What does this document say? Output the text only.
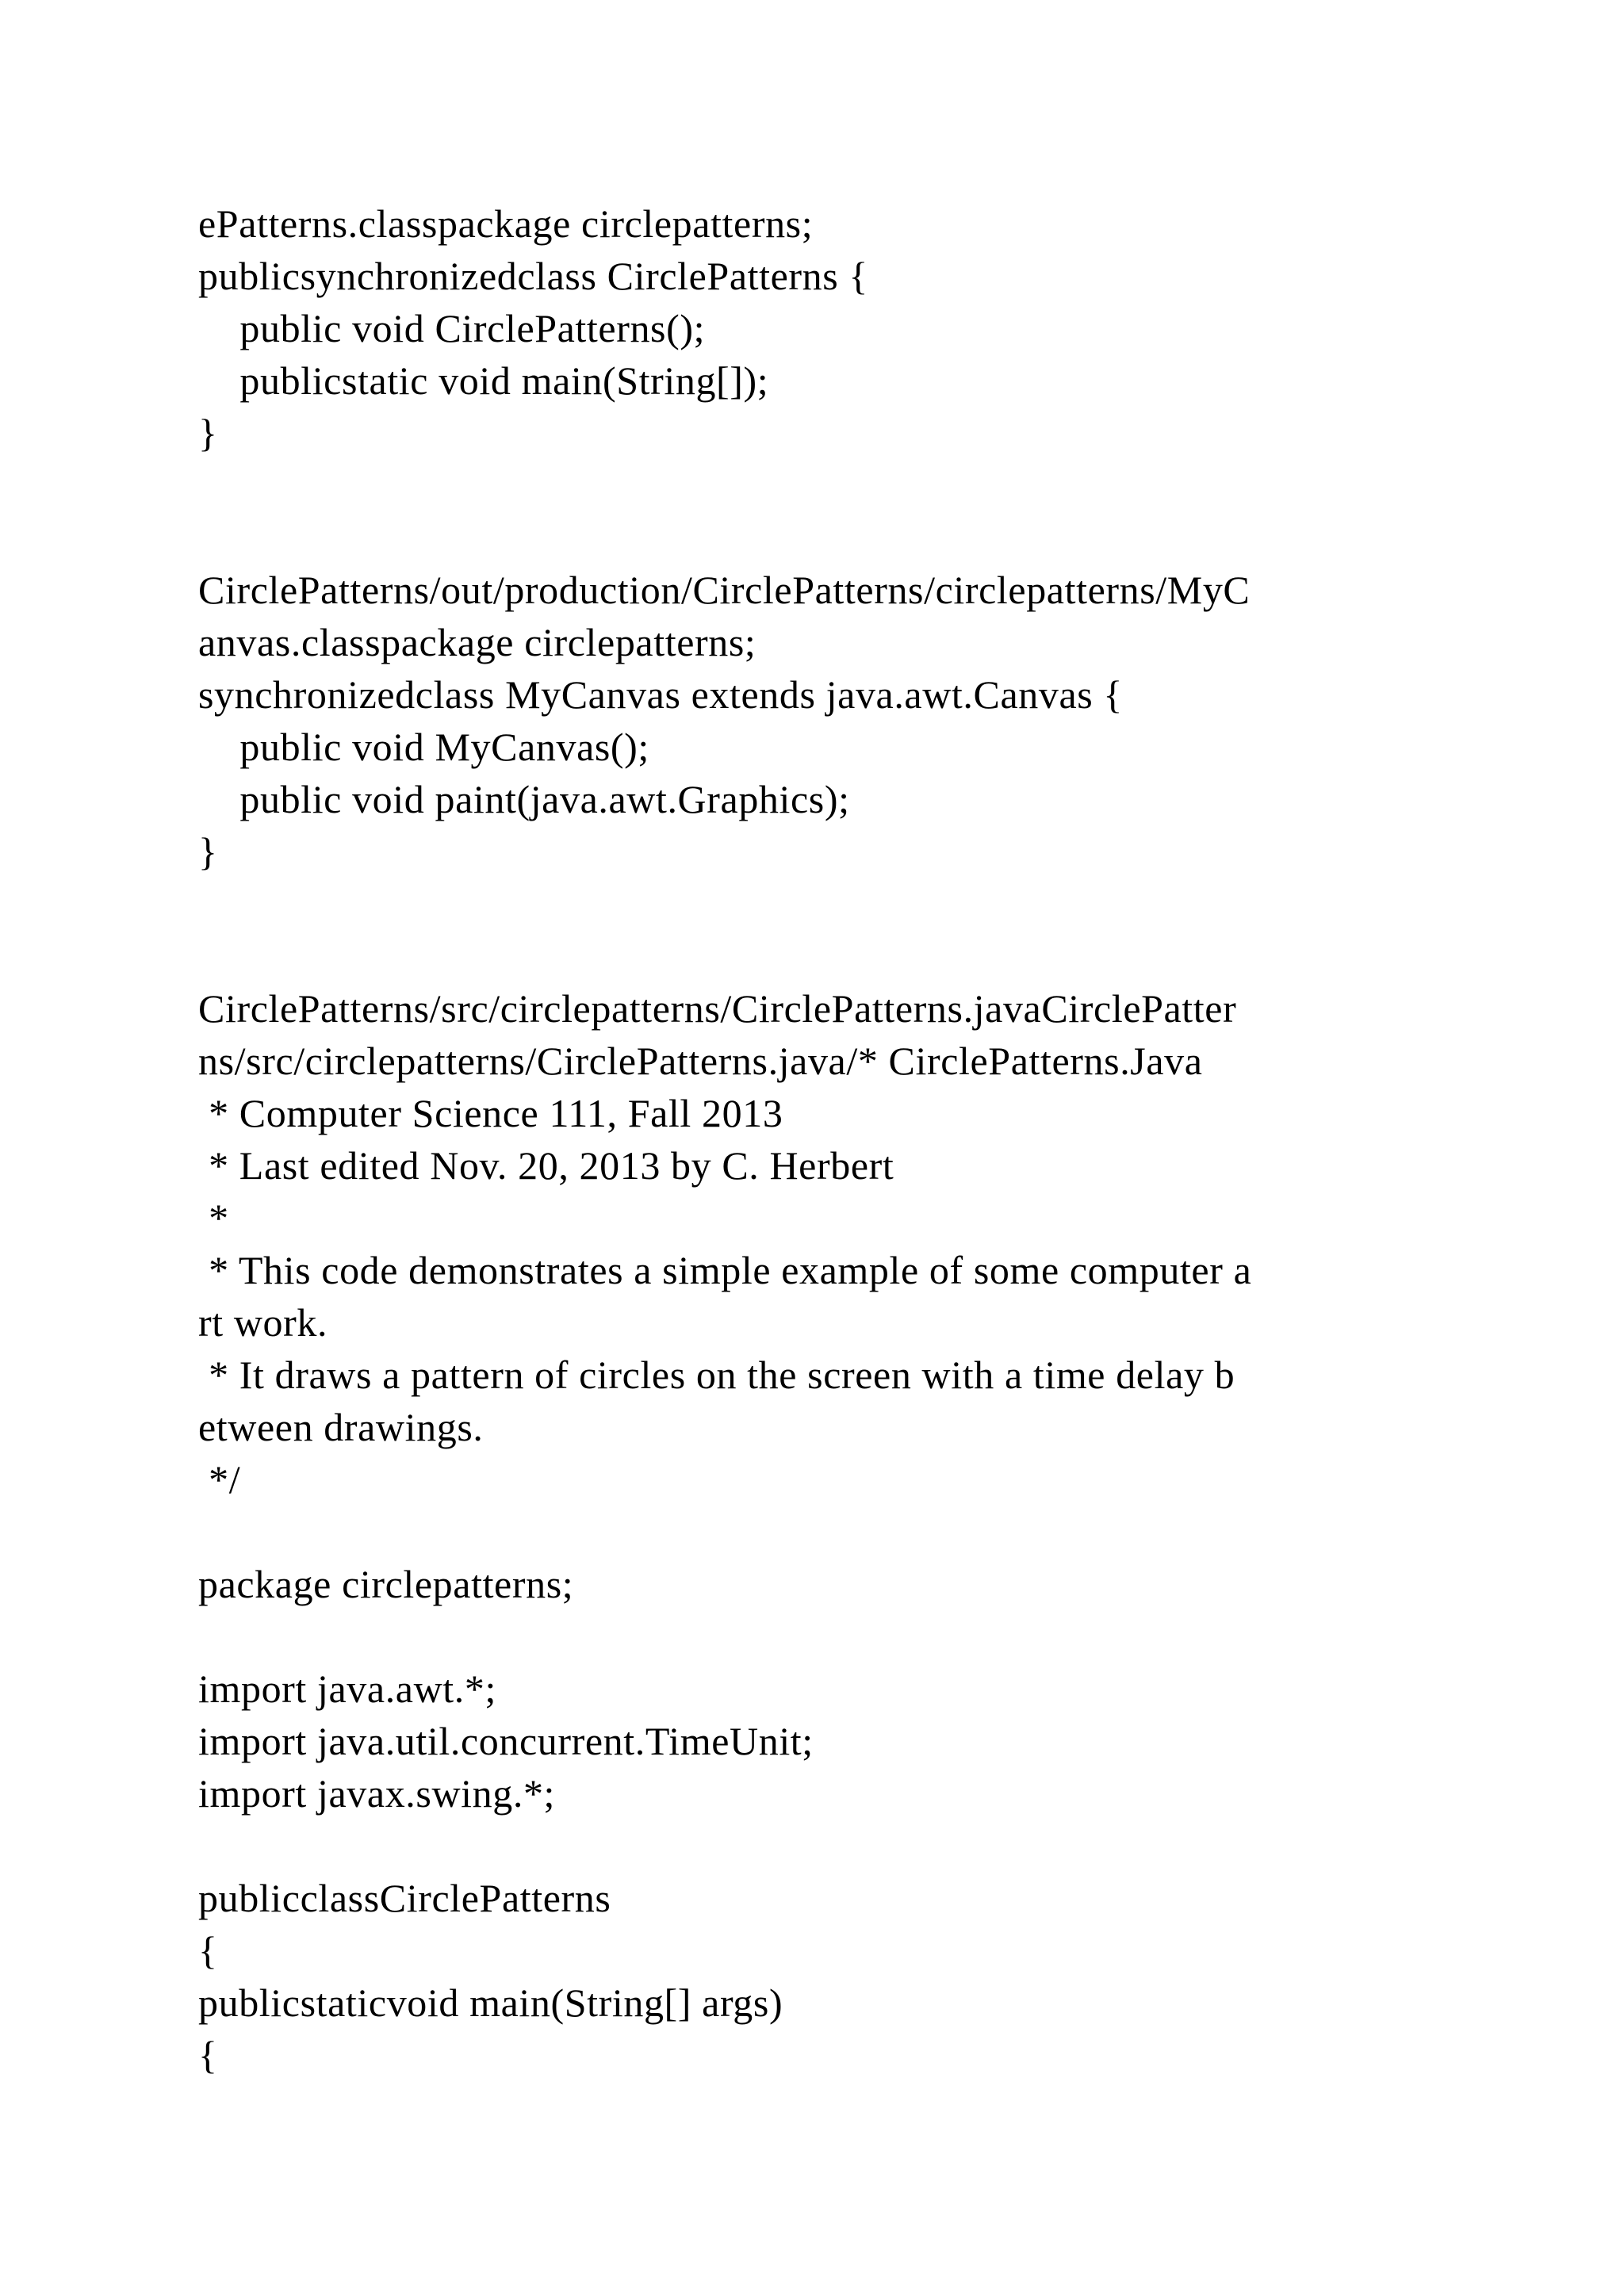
ePatterns.classpackage circlepatterns;

publicsynchronizedclass CirclePatterns {

public void CirclePatterns();

publicstatic void main(String[]);

}

CirclePatterns/out/production/CirclePatterns/circlepatterns/MyC

anvas.classpackage circlepatterns;

synchronizedclass MyCanvas extends java.awt.Canvas {

public void MyCanvas();

public void paint(java.awt.Graphics);

}

CirclePatterns/src/circlepatterns/CirclePatterns.javaCirclePatter

ns/src/circlepatterns/CirclePatterns.java/* CirclePatterns.Java

* Computer Science 111, Fall 2013

* Last edited Nov. 20, 2013 by C. Herbert

*

* This code demonstrates a simple example of some computer a

rt work.

* It draws a pattern of circles on the screen with a time delay b

etween drawings.

*/

package circlepatterns;

import java.awt.*;

import java.util.concurrent.TimeUnit;

import javax.swing.*;

publicclassCirclePatterns

{

publicstaticvoid main(String[] args)

{
